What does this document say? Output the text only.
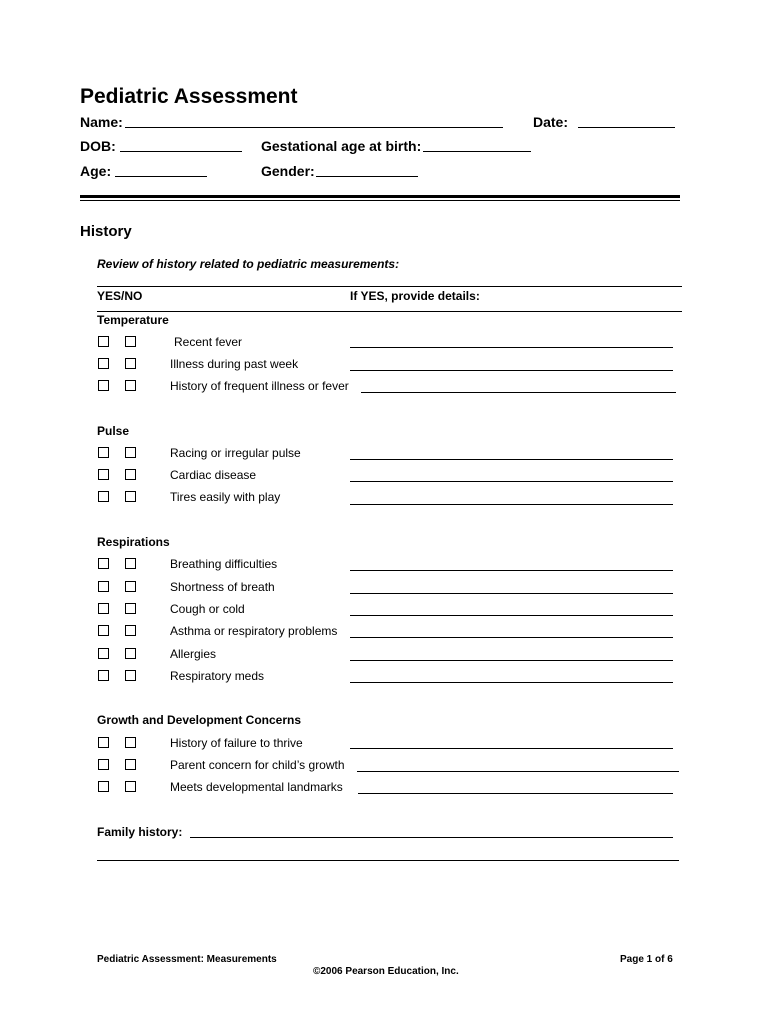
Pediatric Assessment
Name:	Date:
DOB:	Gestational age at birth:
Age:	Gender:
History
Review of history related to pediatric measurements:
YES/NO	If YES, provide details:
Temperature
Recent fever
Illness during past week
History of frequent illness or fever
Pulse
Racing or irregular pulse
Cardiac disease
Tires easily with play
Respirations
Breathing difficulties
Shortness of breath
Cough or cold
Asthma or respiratory problems
Allergies
Respiratory meds
Growth and Development Concerns
History of failure to thrive
Parent concern for child’s growth
Meets developmental landmarks
Family history:
Pediatric Assessment: Measurements	Page 1 of 6
©2006 Pearson Education, Inc.
